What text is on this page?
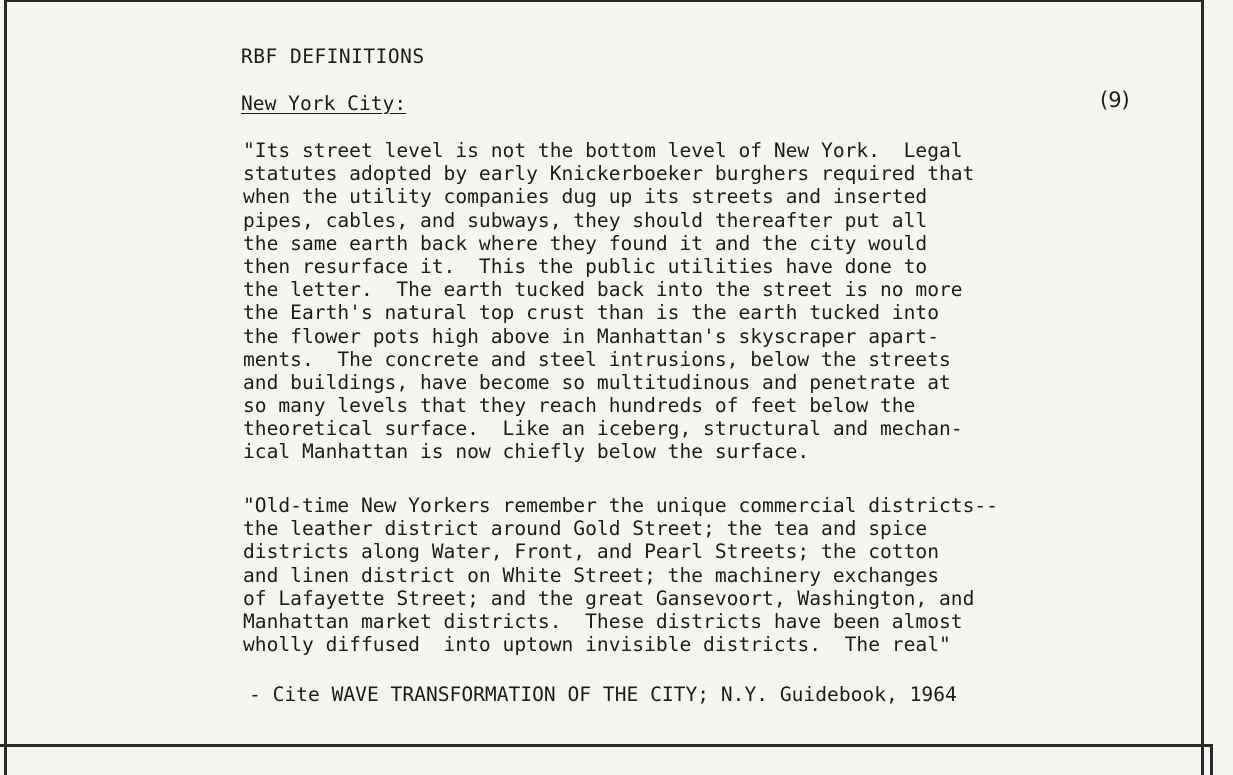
RBF DEFINITIONS
New York City:	(9)
"Its street level is not the bottom level of New York.  Legal
statutes adopted by early Knickerboeker burghers required that
when the utility companies dug up its streets and inserted
pipes, cables, and subways, they should thereafter put all
the same earth back where they found it and the city would
then resurface it.  This the public utilities have done to
the letter.  The earth tucked back into the street is no more
the Earth's natural top crust than is the earth tucked into
the flower pots high above in Manhattan's skyscraper apart-
ments.  The concrete and steel intrusions, below the streets
and buildings, have become so multitudinous and penetrate at
so many levels that they reach hundreds of feet below the
theoretical surface.  Like an iceberg, structural and mechan-
ical Manhattan is now chiefly below the surface.
"Old-time New Yorkers remember the unique commercial districts--
the leather district around Gold Street; the tea and spice
districts along Water, Front, and Pearl Streets; the cotton
and linen district on White Street; the machinery exchanges
of Lafayette Street; and the great Gansevoort, Washington, and
Manhattan market districts.  These districts have been almost
wholly diffused  into uptown invisible districts.  The real"
- Cite WAVE TRANSFORMATION OF THE CITY; N.Y. Guidebook, 1964
